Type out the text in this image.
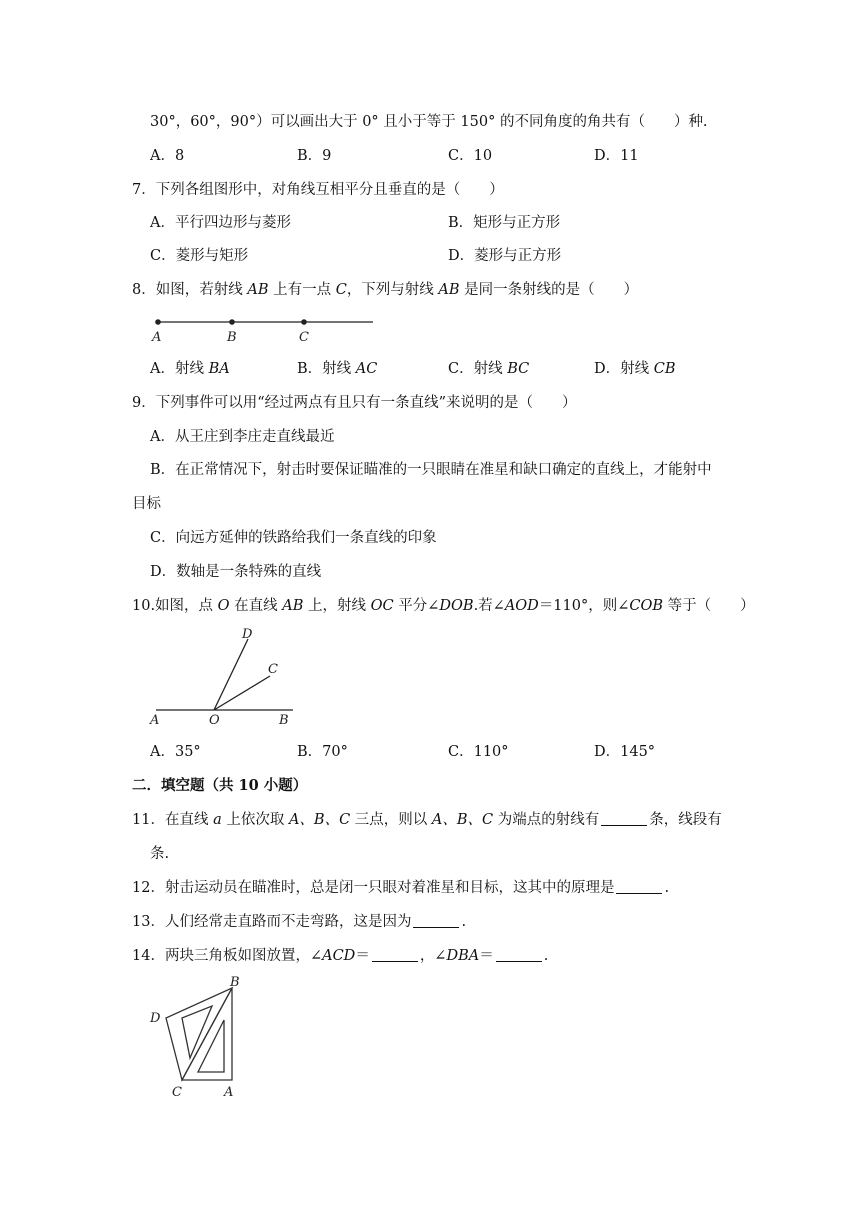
30°，60°，90°）可以画出大于 0° 且小于等于 150° 的不同角度的角共有（　　）种.
A．8	B．9	C．10	D．11
7．下列各组图形中，对角线互相平分且垂直的是（　　）
A．平行四边形与菱形	B．矩形与正方形
C．菱形与矩形	D．菱形与正方形
8．如图，若射线 AB 上有一点 C，下列与射线 AB 是同一条射线的是（　　）
A	B	C
A．射线 BA	B．射线 AC	C．射线 BC	D．射线 CB
9．下列事件可以用“经过两点有且只有一条直线”来说明的是（　　）
A．从王庄到李庄走直线最近
B．在正常情况下，射击时要保证瞄准的一只眼睛在准星和缺口确定的直线上，才能射中
目标
C．向远方延伸的铁路给我们一条直线的印象
D．数轴是一条特殊的直线
10.如图，点 O 在直线 AB 上，射线 OC 平分∠DOB.若∠AOD＝110°，则∠COB 等于（　　）
D
C
A	O	B
A．35°	B．70°	C．110°	D．145°
二．填空题（共 10 小题）
11．在直线 a 上依次取 A、B、C 三点，则以 A、B、C 为端点的射线有	条，线段有
条.
12．射击运动员在瞄准时，总是闭一只眼对着准星和目标，这其中的原理是	.
13．人们经常走直路而不走弯路，这是因为	.
14．两块三角板如图放置，∠ACD＝	，∠DBA＝	.
B
D
C	A
